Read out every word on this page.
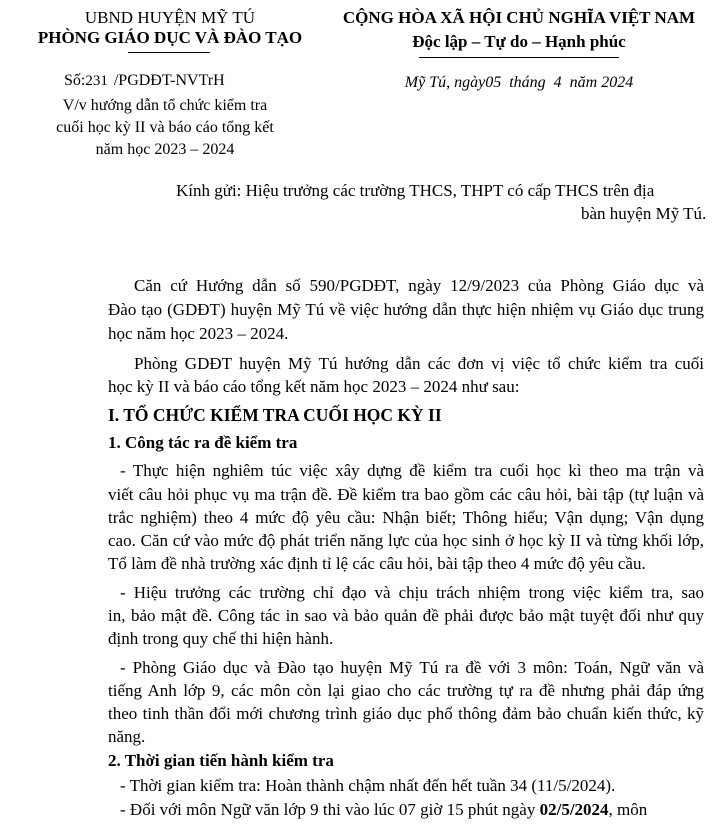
UBND HUYỆN MỸ TÚ
PHÒNG GIÁO DỤC VÀ ĐÀO TẠO
Số:231 /PGDĐT-NVTrH
V/v hướng dẫn tổ chức kiểm tra
cuối học kỳ II và báo cáo tổng kết
năm học 2023 – 2024
CỘNG HÒA XÃ HỘI CHỦ NGHĨA VIỆT NAM
Độc lập – Tự do – Hạnh phúc
Mỹ Tú, ngày05  tháng  4  năm 2024
Kính gửi: Hiệu trưởng các trường THCS, THPT có cấp THCS trên địa
bàn huyện Mỹ Tú.
Căn cứ Hướng dẫn số 590/PGDĐT, ngày 12/9/2023 của Phòng Giáo dục và
Đào tạo (GDĐT) huyện Mỹ Tú về việc hướng dẫn thực hiện nhiệm vụ Giáo dục trung
học năm học 2023 – 2024.
Phòng GDĐT huyện Mỹ Tú hướng dẫn các đơn vị việc tổ chức kiểm tra cuối
học kỳ II và báo cáo tổng kết năm học 2023 – 2024 như sau:
I. TỔ CHỨC KIỂM TRA CUỐI HỌC KỲ II
1. Công tác ra đề kiểm tra
- Thực hiện nghiêm túc việc xây dựng đề kiểm tra cuối học kì theo ma trận và
viết câu hỏi phục vụ ma trận đề. Đề kiểm tra bao gồm các câu hỏi, bài tập (tự luận và
trắc nghiệm) theo 4 mức độ yêu cầu: Nhận biết; Thông hiểu; Vận dụng; Vận dụng
cao. Căn cứ vào mức độ phát triển năng lực của học sinh ở học kỳ II và từng khối lớp,
Tổ làm đề nhà trường xác định tỉ lệ các câu hỏi, bài tập theo 4 mức độ yêu cầu.
- Hiệu trưởng các trường chỉ đạo và chịu trách nhiệm trong việc kiểm tra, sao
in, bảo mật đề. Công tác in sao và bảo quản đề phải được bảo mật tuyệt đối như quy
định trong quy chế thi hiện hành.
- Phòng Giáo dục và Đào tạo huyện Mỹ Tú ra đề với 3 môn: Toán, Ngữ văn và
tiếng Anh lớp 9, các môn còn lại giao cho các trường tự ra đề nhưng phải đáp ứng
theo tinh thần đổi mới chương trình giáo dục phổ thông đảm bảo chuẩn kiến thức, kỹ
năng.
2. Thời gian tiến hành kiểm tra
- Thời gian kiểm tra: Hoàn thành chậm nhất đến hết tuần 34 (11/5/2024).
- Đối với môn Ngữ văn lớp 9 thi vào lúc 07 giờ 15 phút ngày 02/5/2024, môn
